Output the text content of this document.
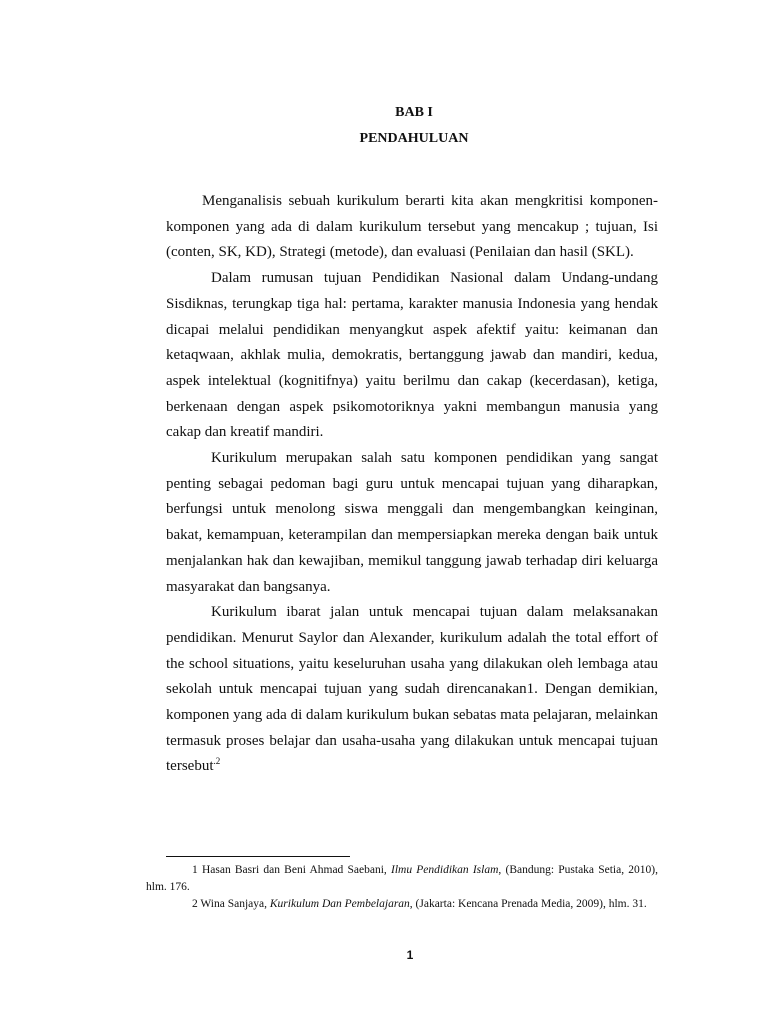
BAB I
PENDAHULUAN

Menganalisis sebuah kurikulum berarti kita akan mengkritisi komponen-komponen yang ada di dalam kurikulum tersebut yang mencakup ; tujuan, Isi (conten, SK, KD), Strategi (metode), dan evaluasi (Penilaian dan hasil (SKL).

Dalam rumusan tujuan Pendidikan Nasional dalam Undang-undang Sisdiknas, terungkap tiga hal: pertama, karakter manusia Indonesia yang hendak dicapai melalui pendidikan menyangkut aspek afektif yaitu: keimanan dan ketaqwaan, akhlak mulia, demokratis, bertanggung jawab dan mandiri, kedua, aspek intelektual (kognitifnya) yaitu berilmu dan cakap (kecerdasan), ketiga, berkenaan dengan aspek psikomotoriknya yakni membangun manusia yang cakap dan kreatif mandiri.

Kurikulum merupakan salah satu komponen pendidikan yang sangat penting sebagai pedoman bagi guru untuk mencapai tujuan yang diharapkan, berfungsi untuk menolong siswa menggali dan mengembangkan keinginan, bakat, kemampuan, keterampilan dan mempersiapkan mereka dengan baik untuk menjalankan hak dan kewajiban, memikul tanggung jawab terhadap diri keluarga masyarakat dan bangsanya.

Kurikulum ibarat jalan untuk mencapai tujuan dalam melaksanakan pendidikan. Menurut Saylor dan Alexander, kurikulum adalah the total effort of the school situations, yaitu keseluruhan usaha yang dilakukan oleh lembaga atau sekolah untuk mencapai tujuan yang sudah direncanakan1. Dengan demikian, komponen yang ada di dalam kurikulum bukan sebatas mata pelajaran, melainkan termasuk proses belajar dan usaha-usaha yang dilakukan untuk mencapai tujuan tersebut$^{.2}$

1 Hasan Basri dan Beni Ahmad Saebani, Ilmu Pendidikan Islam, (Bandung: Pustaka Setia, 2010), hlm. 176.

2 Wina Sanjaya, Kurikulum Dan Pembelajaran, (Jakarta: Kencana Prenada Media, 2009), hlm. 31.

1
